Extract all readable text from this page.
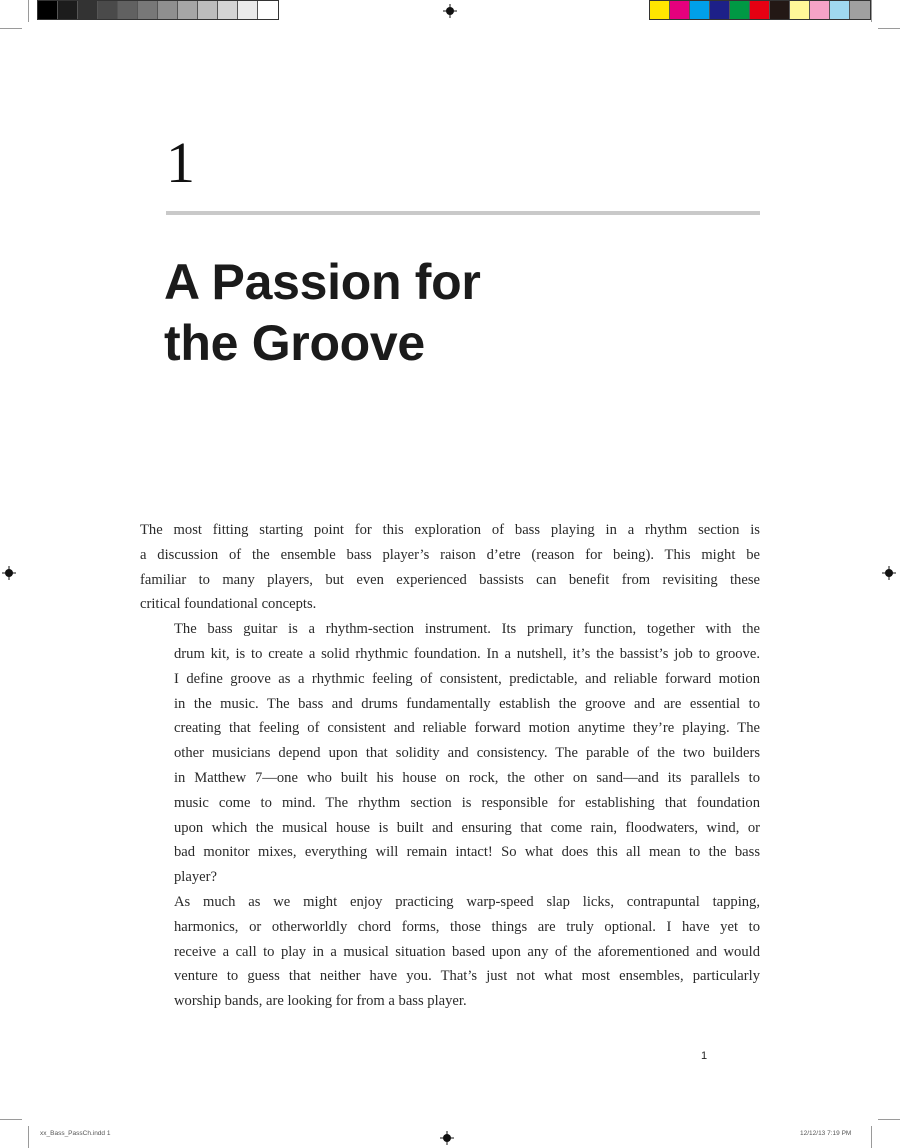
1
A Passion for
the Groove

The most fitting starting point for this exploration of bass playing in a rhythm section is
a discussion of the ensemble bass player’s raison d’etre (reason for being). This might be
familiar to many players, but even experienced bassists can benefit from revisiting these
critical foundational concepts.

The bass guitar is a rhythm-section instrument. Its primary function, together with the
drum kit, is to create a solid rhythmic foundation. In a nutshell, it’s the bassist’s job to groove.
I define groove as a rhythmic feeling of consistent, predictable, and reliable forward motion
in the music. The bass and drums fundamentally establish the groove and are essential to
creating that feeling of consistent and reliable forward motion anytime they’re playing. The
other musicians depend upon that solidity and consistency. The parable of the two builders
in Matthew 7—one who built his house on rock, the other on sand—and its parallels to
music come to mind. The rhythm section is responsible for establishing that foundation
upon which the musical house is built and ensuring that come rain, floodwaters, wind, or
bad monitor mixes, everything will remain intact! So what does this all mean to the bass
player?

As much as we might enjoy practicing warp-speed slap licks, contrapuntal tapping,
harmonics, or otherworldly chord forms, those things are truly optional. I have yet to
receive a call to play in a musical situation based upon any of the aforementioned and would
venture to guess that neither have you. That’s just not what most ensembles, particularly
worship bands, are looking for from a bass player.

1
xx_Bass_PassCh.indd 1	12/12/13 7:19 PM
